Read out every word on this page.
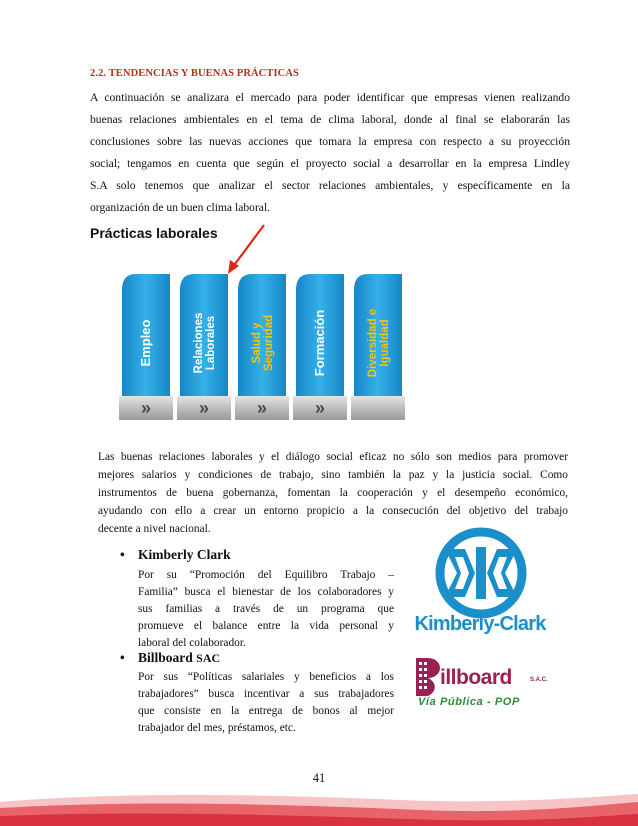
2.2. TENDENCIAS Y BUENAS PRÁCTICAS
A continuación se analizara el mercado para poder identificar que empresas vienen realizando
buenas relaciones ambientales en el tema de clima laboral, donde al final se elaborarán las
conclusiones sobre las nuevas acciones que tomara la empresa con respecto a su proyección
social; tengamos en cuenta que según el proyecto social a desarrollar en la empresa Lindley
S.A solo tenemos que analizar el sector relaciones ambientales, y específicamente en la
organización de un buen clima laboral.
Prácticas laborales
»
Empleo
»
RelacionesLaborales
»
Salud ySeguridad
»
Formación	Diversidad eIgualdad
Las buenas relaciones laborales y el diálogo social eficaz no sólo son medios para promover
mejores salarios y condiciones de trabajo, sino también la paz y la justicia social. Como
instrumentos de buena gobernanza, fomentan la cooperación y el desempeño económico,
ayudando con ello a crear un entorno propicio a la consecución del objetivo del trabajo
decente a nivel nacional.
• Kimberly Clark
Por su “Promoción del Equilibro Trabajo –
Familia” busca el bienestar de los colaboradores y
sus familias a través de un programa que
promueve el balance entre la vida personal y
laboral del colaborador.
Kimberly-Clark
• Billboard SAC
Por sus “Políticas salariales y beneficios a los
trabajadores” busca incentivar a sus trabajadores
que consiste en la entrega de bonos al mejor
trabajador del mes, préstamos, etc.
illboard	S.A.C.
Vía Pública - POP
41
